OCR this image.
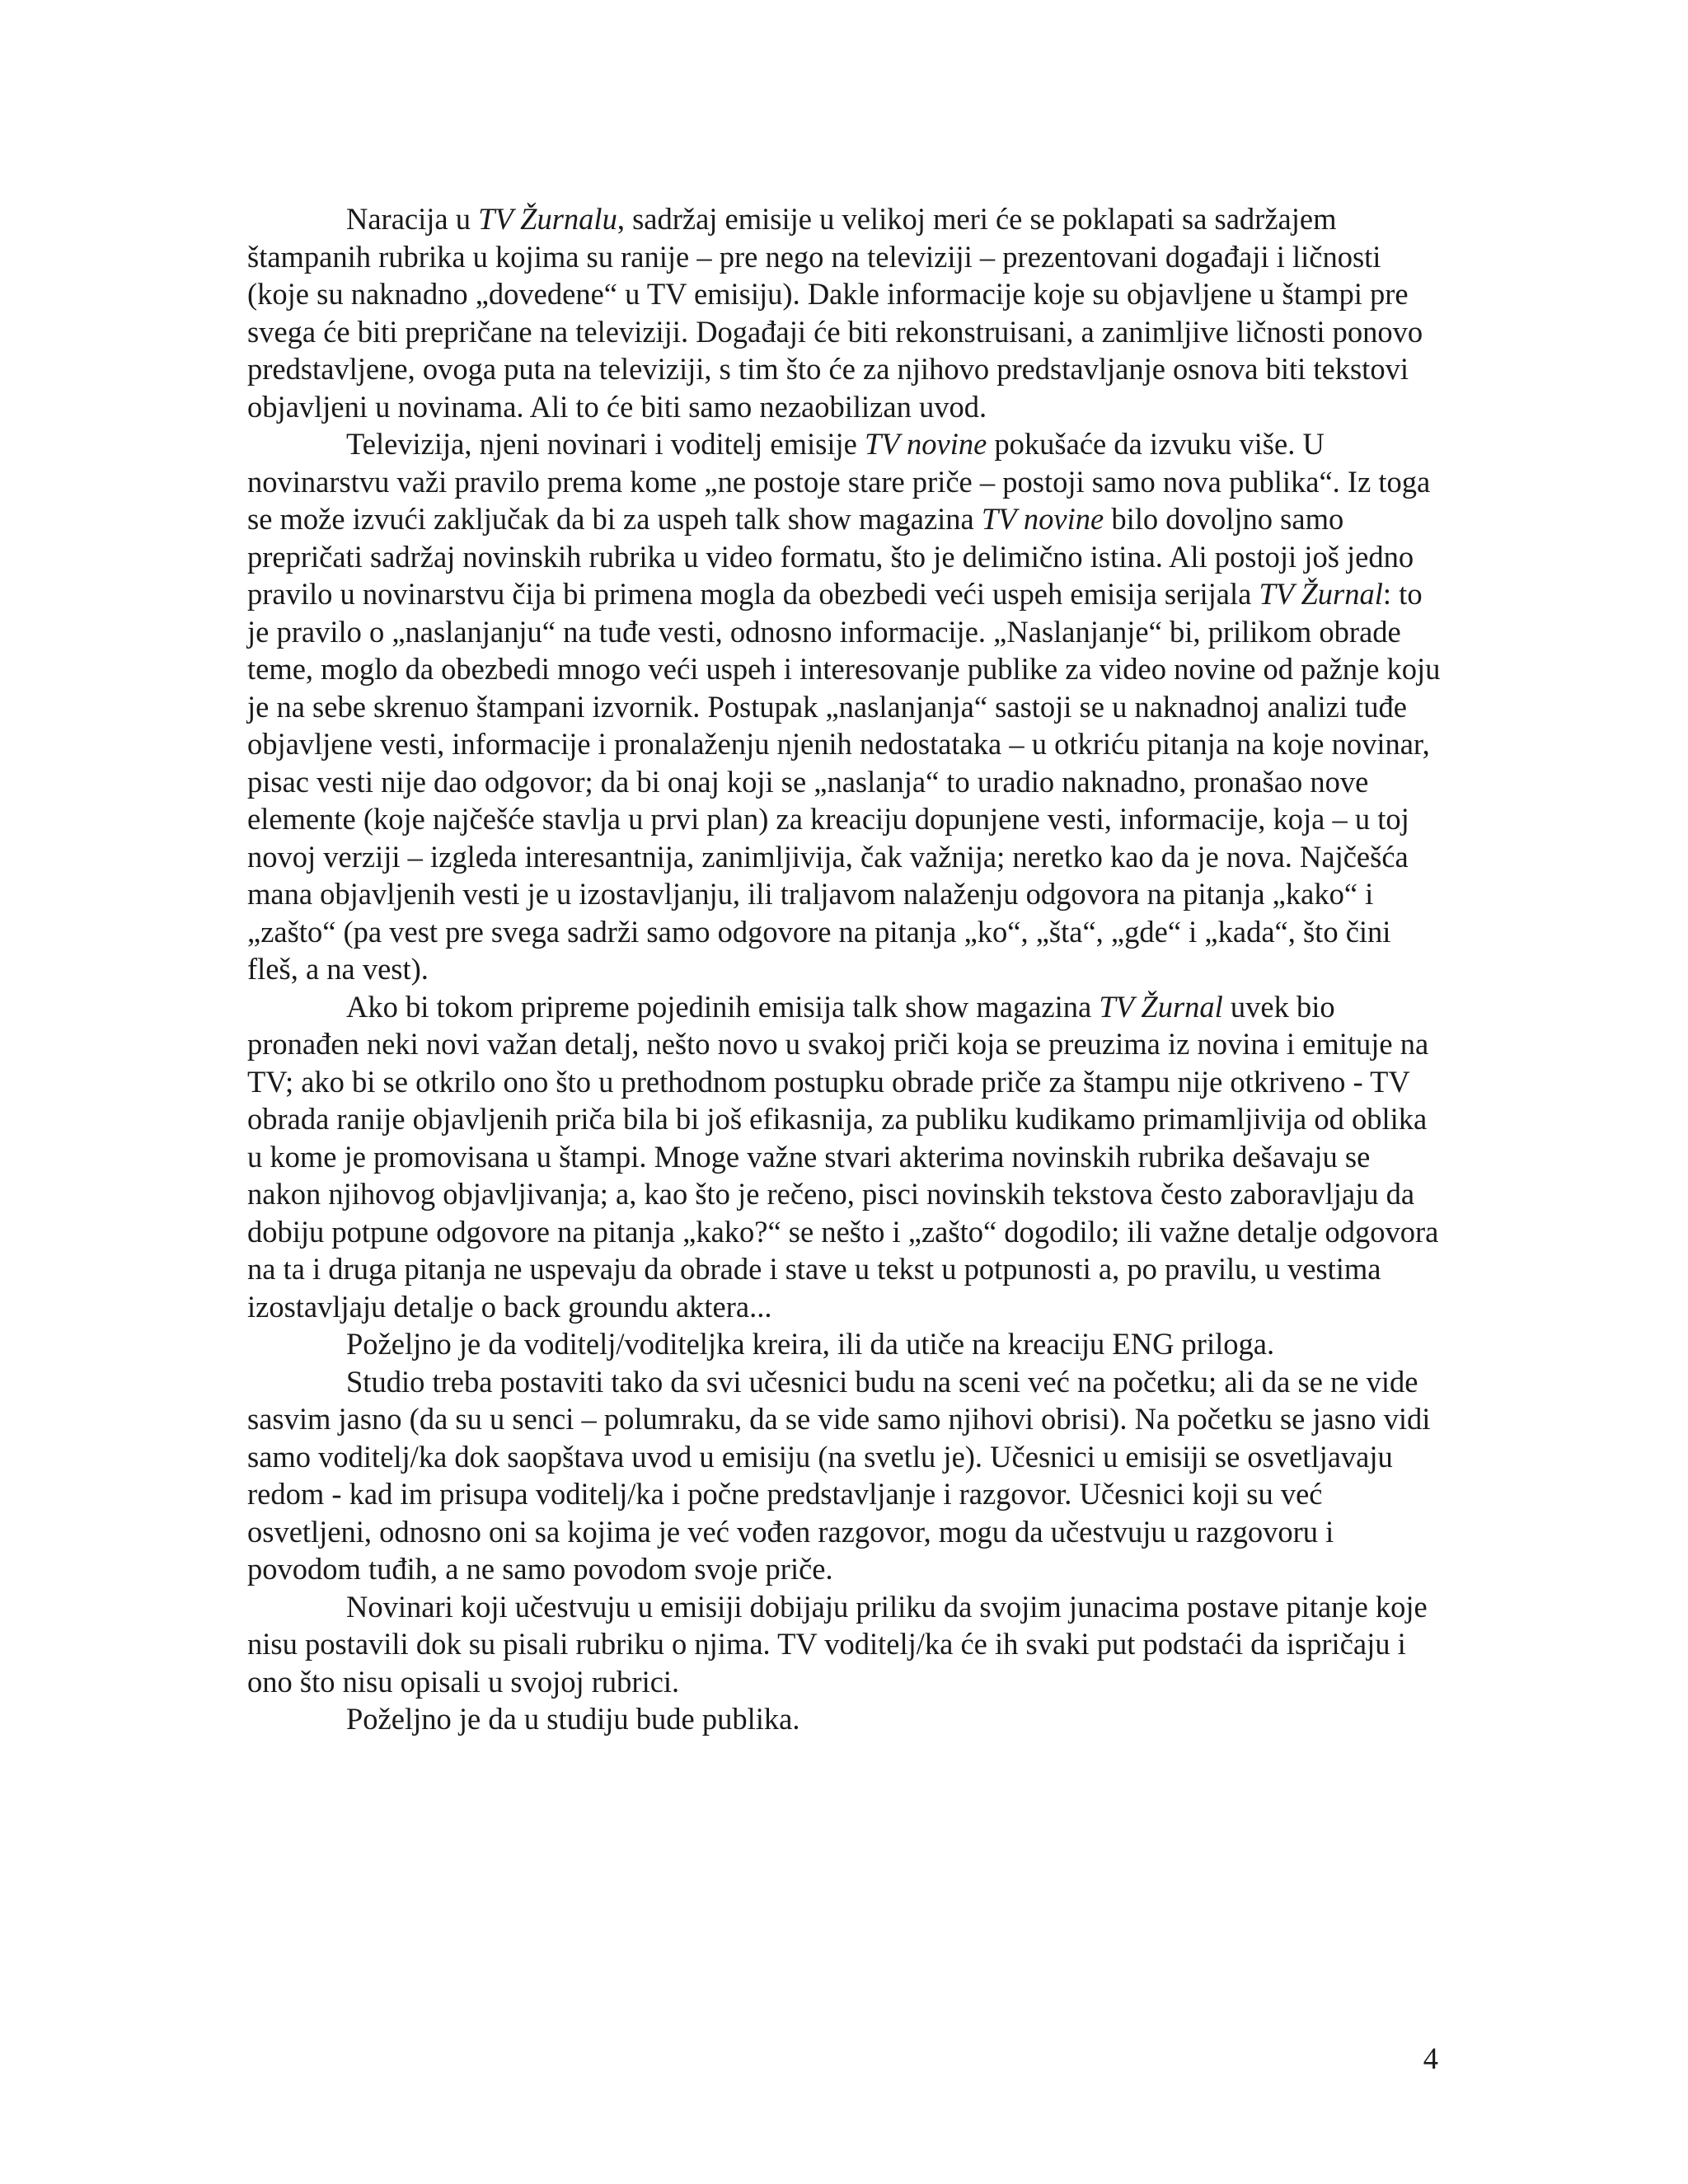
Naracija u TV Žurnalu, sadržaj emisije u velikoj meri će se poklapati sa sadržajem štampanih rubrika u kojima su ranije – pre nego na televiziji – prezentovani događaji i ličnosti (koje su naknadno „dovedene“ u TV emisiju). Dakle informacije koje su objavljene u štampi pre svega će biti prepričane na televiziji. Događaji će biti rekonstruisani, a zanimljive ličnosti ponovo predstavljene, ovoga puta na televiziji, s tim što će za njihovo predstavljanje osnova biti tekstovi objavljeni u novinama. Ali to će biti samo nezaobilizan uvod.

Televizija, njeni novinari i voditelj emisije TV novine pokušaće da izvuku više. U novinarstvu važi pravilo prema kome „ne postoje stare priče – postoji samo nova publika“. Iz toga se može izvući zaključak da bi za uspeh talk show magazina TV novine bilo dovoljno samo prepričati sadržaj novinskih rubrika u video formatu, što je delimično istina. Ali postoji još jedno pravilo u novinarstvu čija bi primena mogla da obezbedi veći uspeh emisija serijala TV Žurnal: to je pravilo o „naslanjanju“ na tuđe vesti, odnosno informacije. „Naslanjanje“ bi, prilikom obrade teme, moglo da obezbedi mnogo veći uspeh i interesovanje publike za video novine od pažnje koju je na sebe skrenuo štampani izvornik. Postupak „naslanjanja“ sastoji se u naknadnoj analizi tuđe objavljene vesti, informacije i pronalaženju njenih nedostataka – u otkriću pitanja na koje novinar, pisac vesti nije dao odgovor; da bi onaj koji se „naslanja“ to uradio naknadno, pronašao nove elemente (koje najčešće stavlja u prvi plan) za kreaciju dopunjene vesti, informacije, koja – u toj novoj verziji – izgleda interesantnija, zanimljivija, čak važnija; neretko kao da je nova. Najčešća mana objavljenih vesti je u izostavljanju, ili traljavom nalaženju odgovora na pitanja „kako“ i „zašto“ (pa vest pre svega sadrži samo odgovore na pitanja „ko“, „šta“, „gde“ i „kada“, što čini fleš, a na vest).

Ako bi tokom pripreme pojedinih emisija talk show magazina TV Žurnal uvek bio pronađen neki novi važan detalj, nešto novo u svakoj priči koja se preuzima iz novina i emituje na TV; ako bi se otkrilo ono što u prethodnom postupku obrade priče za štampu nije otkriveno - TV obrada ranije objavljenih priča bila bi još efikasnija, za publiku kudikamo primamljivija od oblika u kome je promovisana u štampi. Mnoge važne stvari akterima novinskih rubrika dešavaju se nakon njihovog objavljivanja; a, kao što je rečeno, pisci novinskih tekstova često zaboravljaju da dobiju potpune odgovore na pitanja „kako?“ se nešto i „zašto“ dogodilo; ili važne detalje odgovora na ta i druga pitanja ne uspevaju da obrade i stave u tekst u potpunosti a, po pravilu, u vestima izostavljaju detalje o back groundu aktera...

Poželjno je da voditelj/voditeljka kreira, ili da utiče na kreaciju ENG priloga.

Studio treba postaviti tako da svi učesnici budu na sceni već na početku; ali da se ne vide sasvim jasno (da su u senci – polumraku, da se vide samo njihovi obrisi). Na početku se jasno vidi samo voditelj/ka dok saopštava uvod u emisiju (na svetlu je). Učesnici u emisiji se osvetljavaju redom - kad im prisupa voditelj/ka i počne predstavljanje i razgovor. Učesnici koji su već osvetljeni, odnosno oni sa kojima je već vođen razgovor, mogu da učestvuju u razgovoru i povodom tuđih, a ne samo povodom svoje priče.

Novinari koji učestvuju u emisiji dobijaju priliku da svojim junacima postave pitanje koje nisu postavili dok su pisali rubriku o njima. TV voditelj/ka će ih svaki put podstaći da ispričaju i ono što nisu opisali u svojoj rubrici.

Poželjno je da u studiju bude publika.

4
